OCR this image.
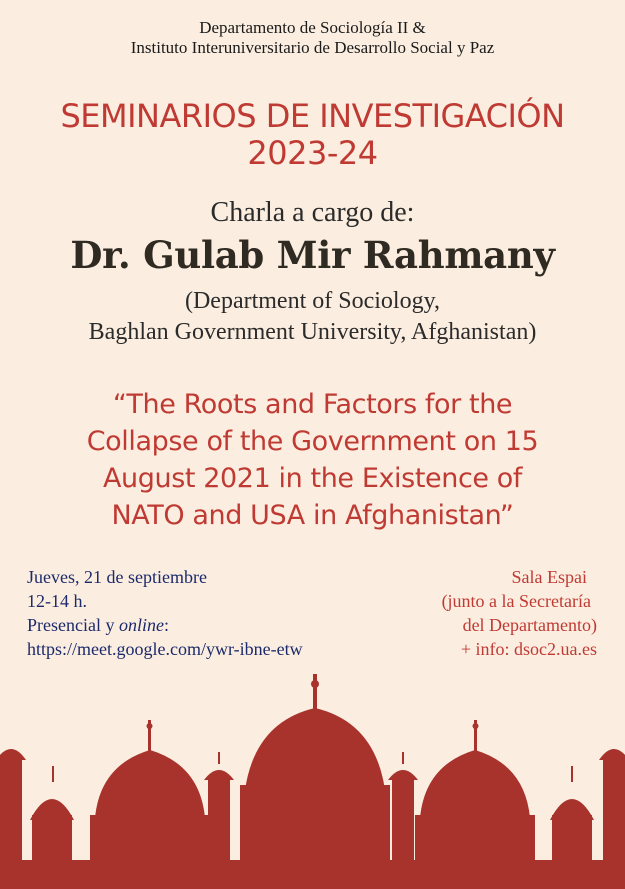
Departamento de Sociología II &
Instituto Interuniversitario de Desarrollo Social y Paz
SEMINARIOS DE INVESTIGACIÓN
2023-24
Charla a cargo de:
Dr. Gulab Mir Rahmany
(Department of Sociology,
Baghlan Government University, Afghanistan)
“The Roots and Factors for the
Collapse of the Government on 15
August 2021 in the Existence of
NATO and USA in Afghanistan”
Jueves, 21 de septiembre
12-14 h.
Presencial y online:
https://meet.google.com/ywr-ibne-etw
Sala Espai
(junto a la Secretaría
del Departamento)
+ info: dsoc2.ua.es
